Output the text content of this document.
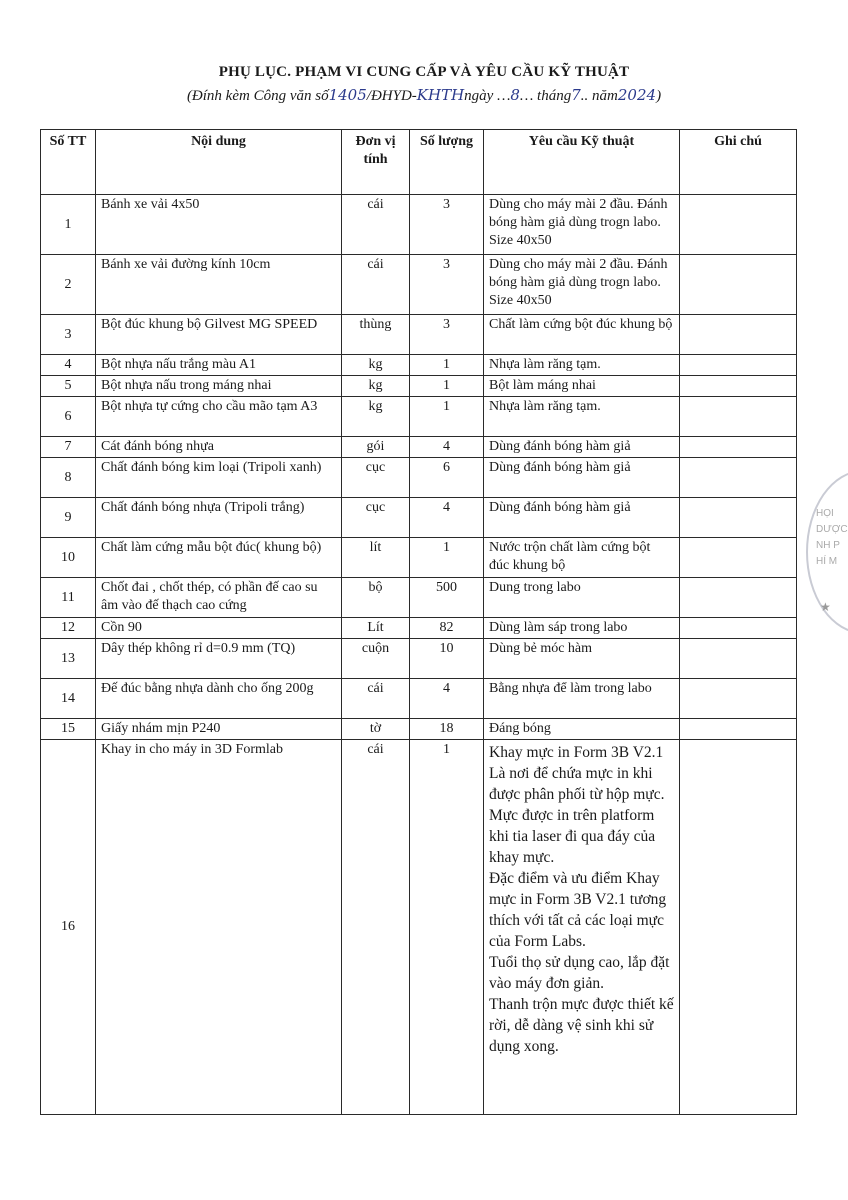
PHỤ LỤC. PHẠM VI CUNG CẤP VÀ YÊU CẦU KỸ THUẬT
(Đính kèm Công văn số1405/ĐHYD-KHTHngày …8… tháng7.. năm2024)
Số TT	Nội dung	Đơn vị tính	Số lượng	Yêu cầu Kỹ thuật	Ghi chú
1	Bánh xe vải 4x50	cái	3	Dùng cho máy mài 2 đầu. Đánh bóng hàm giả dùng trogn labo. Size 40x50	
2	Bánh xe vải đường kính 10cm	cái	3	Dùng cho máy mài 2 đầu. Đánh bóng hàm giả dùng trogn labo. Size 40x50	
3	Bột đúc khung bộ Gilvest MG SPEED	thùng	3	Chất làm cứng bột đúc khung bộ	
4	Bột nhựa nấu trắng màu A1	kg	1	Nhựa làm răng tạm.	
5	Bột nhựa nấu trong máng nhai	kg	1	Bột làm máng nhai	
6	Bột nhựa tự cứng cho cầu mão tạm A3	kg	1	Nhựa làm răng tạm.	
7	Cát đánh bóng nhựa	gói	4	Dùng đánh bóng hàm giả	
8	Chất đánh bóng kim loại (Tripoli xanh)	cục	6	Dùng đánh bóng hàm giả	
9	Chất đánh bóng nhựa (Tripoli trắng)	cục	4	Dùng đánh bóng hàm giả	
10	Chất làm cứng mẫu bột đúc( khung bộ)	lít	1	Nước trộn chất làm cứng bột đúc khung bộ	
11	Chốt đai , chốt thép, có phần đế cao su âm vào đế thạch cao cứng	bộ	500	Dung trong labo	
12	Cồn 90	Lít	82	Dùng làm sáp trong labo	
13	Dây thép không rỉ d=0.9 mm (TQ)	cuộn	10	Dùng bẻ móc hàm	
14	Đế đúc bằng nhựa dành cho ống 200g	cái	4	Bằng nhựa để làm trong labo	
15	Giấy nhám mịn P240	tờ	18	Đáng bóng	
16	Khay in cho máy in 3D Formlab	cái	1	Khay mực in Form 3B V2.1
Là nơi để chứa mực in khi được phân phối từ hộp mực. Mực được in trên platform khi tia laser đi qua đáy của khay mực.
Đặc điểm và ưu điểm Khay mực in Form 3B V2.1 tương thích với tất cả các loại mực của Form Labs.
Tuổi thọ sử dụng cao, lắp đặt vào máy đơn giản.
Thanh trộn mực được thiết kế rời, dễ dàng vệ sinh khi sử dụng xong.	
HỌI
DƯỢC
NH P
HÍ M
★
